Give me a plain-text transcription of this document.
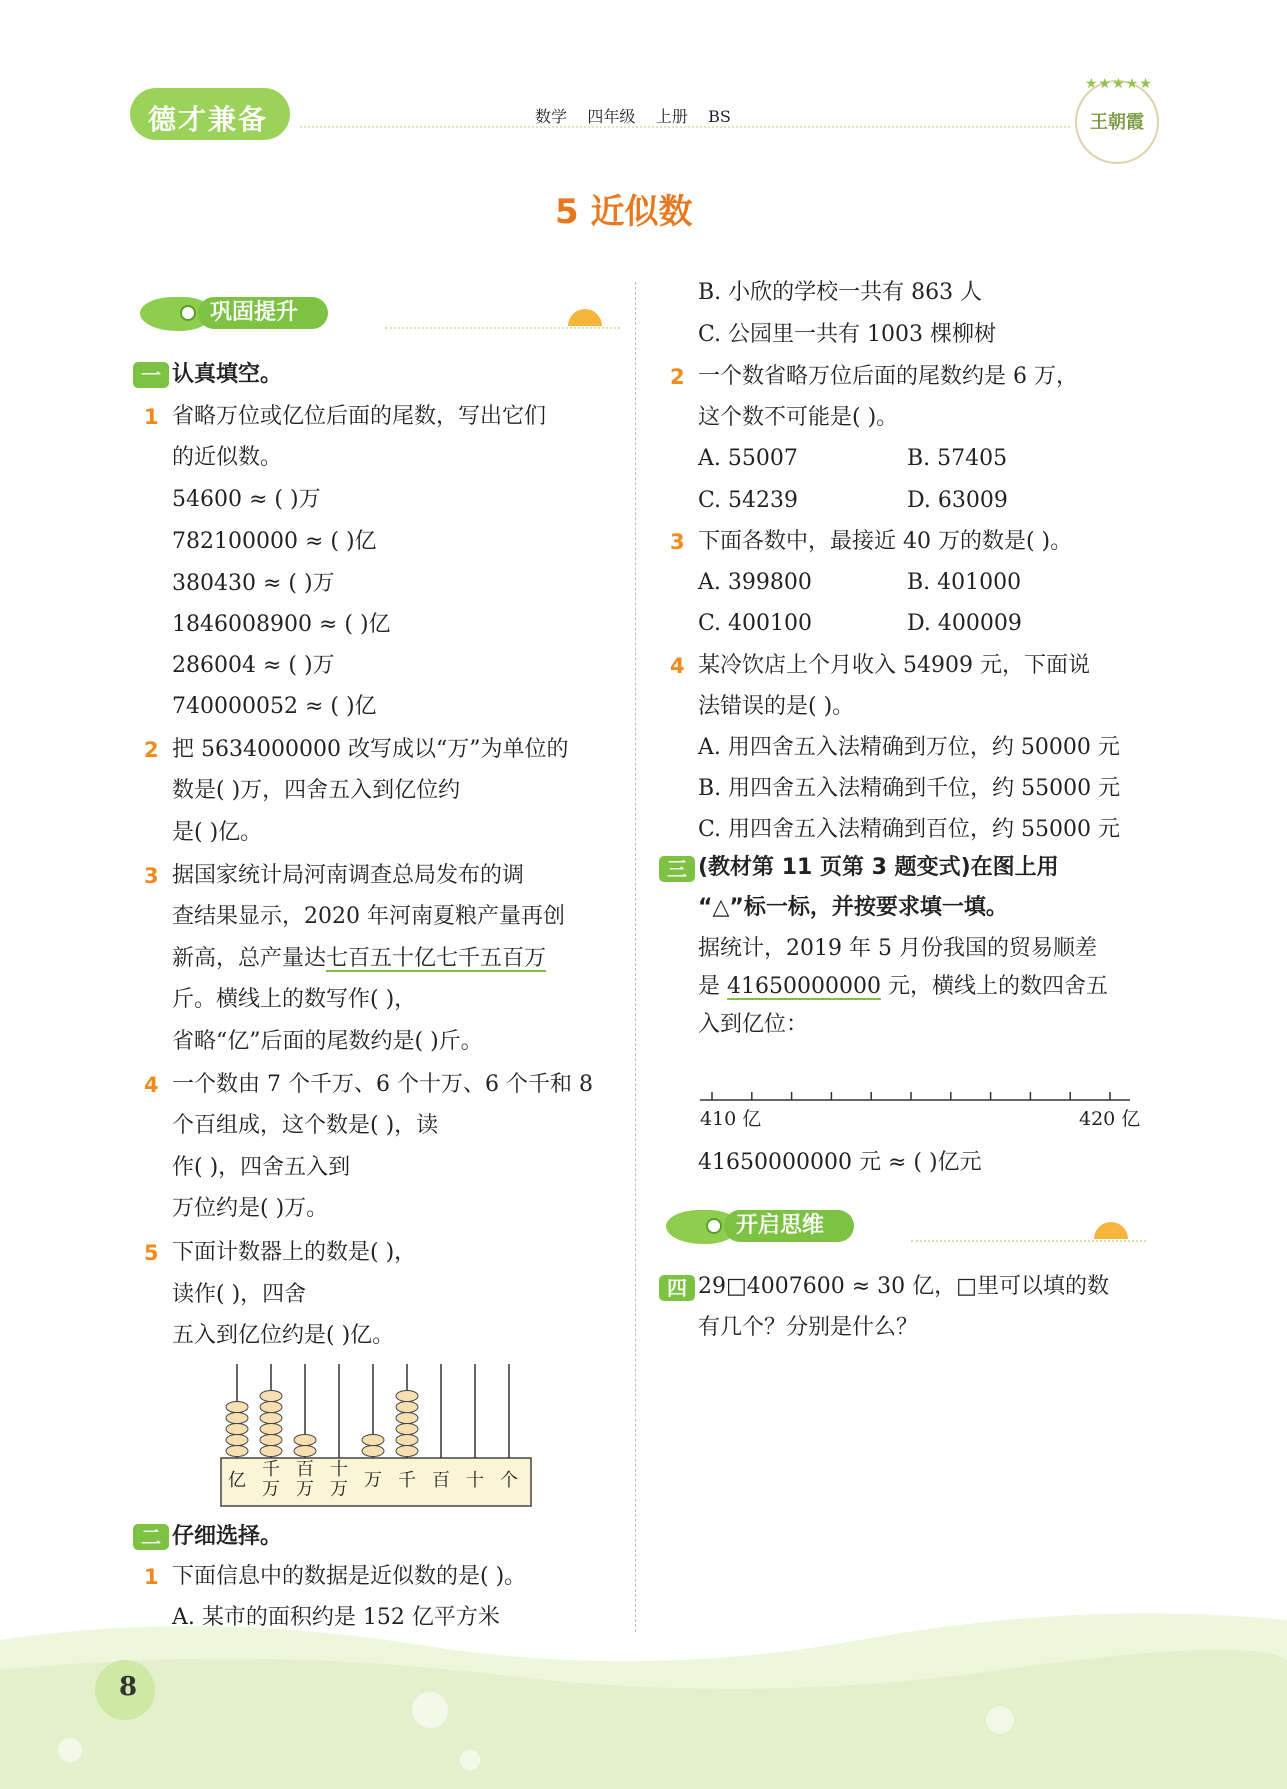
德才兼备	数学 四年级 上册 BS
★★★★★
王朝霞
5 近似数
巩固提升
一 认真填空。
1 省略万位或亿位后面的尾数，写出它们
的近似数。
54600 ≈ ( )万
782100000 ≈ ( )亿
380430 ≈ ( )万
1846008900 ≈ ( )亿
286004 ≈ ( )万
740000052 ≈ ( )亿
2 把 5634000000 改写成以“万”为单位的
数是( )万，四舍五入到亿位约
是( )亿。
3 据国家统计局河南调查总局发布的调
查结果显示，2020 年河南夏粮产量再创
新高，总产量达七百五十亿七千五百万
斤。横线上的数写作( )，
省略“亿”后面的尾数约是( )斤。
4 一个数由 7 个千万、6 个十万、6 个千和 8
个百组成，这个数是( )，读
作( )，四舍五入到
万位约是( )万。
5 下面计数器上的数是( )，
读作( )，四舍
五入到亿位约是( )亿。
亿
千万
百万
十万 万 千 百 十 个
二 仔细选择。
1 下面信息中的数据是近似数的是( )。
A. 某市的面积约是 152 亿平方米
8
B. 小欣的学校一共有 863 人
C. 公园里一共有 1003 棵柳树
2 一个数省略万位后面的尾数约是 6 万，
这个数不可能是( )。
A. 55007	B. 57405
C. 54239	D. 63009
3 下面各数中，最接近 40 万的数是( )。
A. 399800	B. 401000
C. 400100	D. 400009
4 某冷饮店上个月收入 54909 元，下面说
法错误的是( )。
A. 用四舍五入法精确到万位，约 50000 元
B. 用四舍五入法精确到千位，约 55000 元
C. 用四舍五入法精确到百位，约 55000 元
三 (教材第 11 页第 3 题变式)在图上用
“△”标一标，并按要求填一填。
据统计，2019 年 5 月份我国的贸易顺差
是 41650000000 元，横线上的数四舍五
入到亿位：
410 亿	420 亿
41650000000 元 ≈ ( )亿元
开启思维
四 29□4007600 ≈ 30 亿，□里可以填的数
有几个？分别是什么？
